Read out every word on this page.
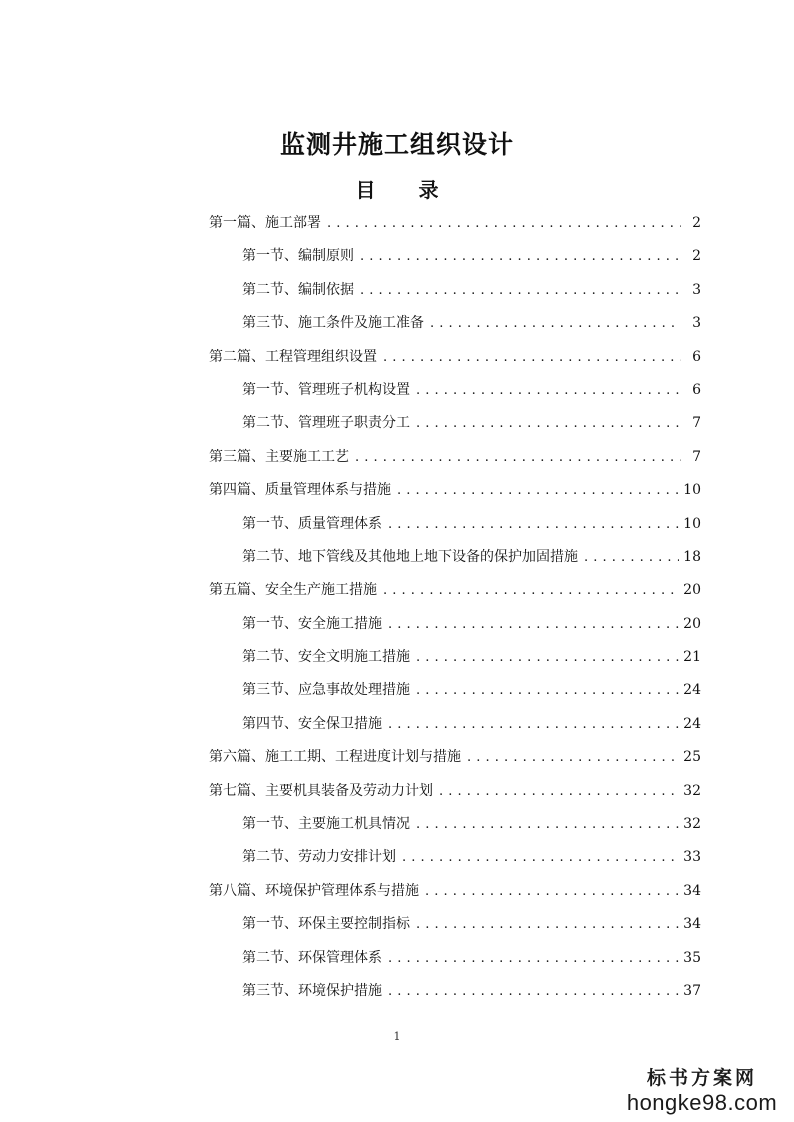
监测井施工组织设计
目 录
第一篇、施工部署 . . .	2
第一节、编制原则 . . .	2
第二节、编制依据 . . .	3
第三节、施工条件及施工准备 . . .	3
第二篇、工程管理组织设置 . . .	6
第一节、管理班子机构设置 . . .	6
第二节、管理班子职责分工 . . .	7
第三篇、主要施工工艺 . . .	7
第四篇、质量管理体系与措施 . . .	10
第一节、质量管理体系 . . .	10
第二节、地下管线及其他地上地下设备的保护加固措施 . . .	18
第五篇、安全生产施工措施 . . .	20
第一节、安全施工措施 . . .	20
第二节、安全文明施工措施 . . .	21
第三节、应急事故处理措施 . . .	24
第四节、安全保卫措施 . . .	24
第六篇、施工工期、工程进度计划与措施 . . .	25
第七篇、主要机具装备及劳动力计划 . . .	32
第一节、主要施工机具情况 . . .	32
第二节、劳动力安排计划 . . .	33
第八篇、环境保护管理体系与措施 . . .	34
第一节、环保主要控制指标 . . .	34
第二节、环保管理体系 . . .	35
第三节、环境保护措施 . . .	37
1
标书方案网
hongke98.com
